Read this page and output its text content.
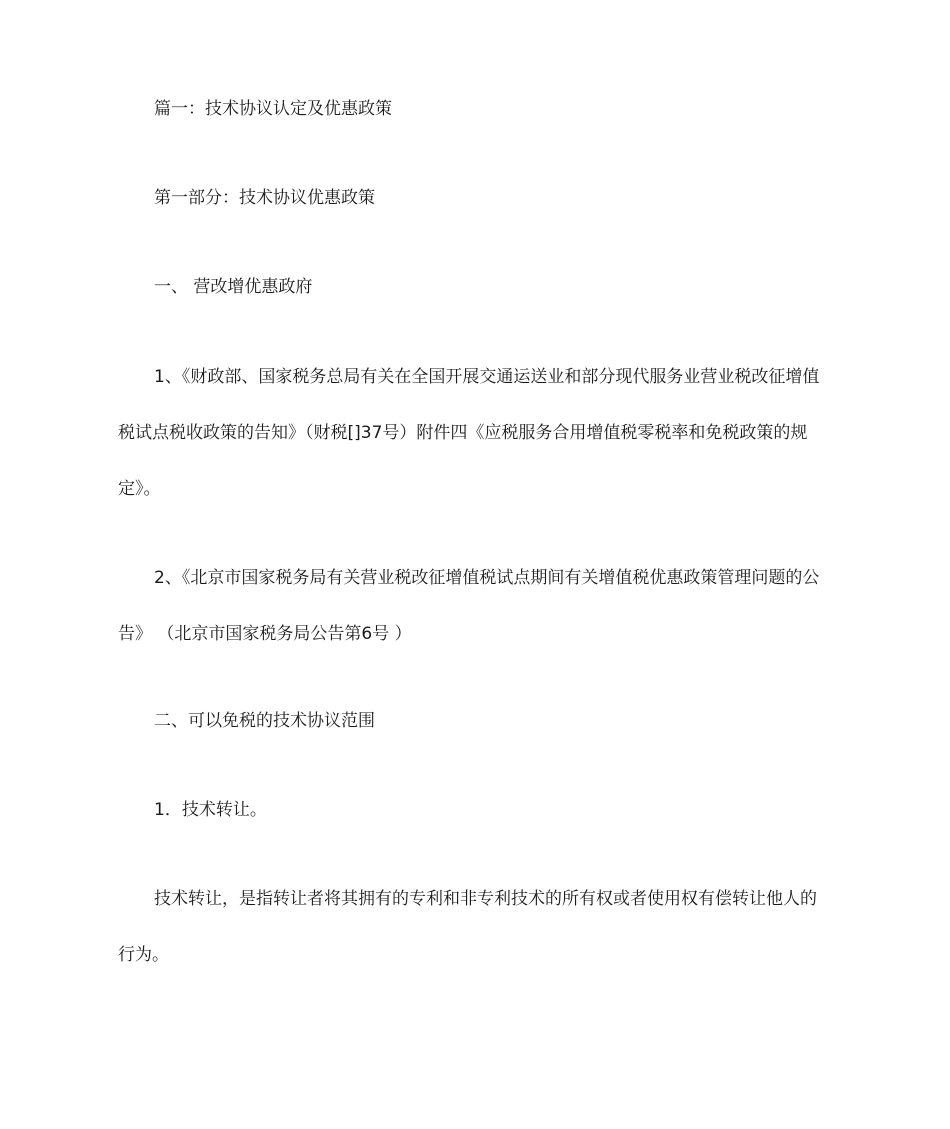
篇一：技术协议认定及优惠政策

第一部分：技术协议优惠政策

一、 营改增优惠政府

1、《财政部、国家税务总局有关在全国开展交通运送业和部分现代服务业营业税改征增值税试点税收政策的告知》（财税[]37号）附件四《应税服务合用增值税零税率和免税政策的规定》。

2、《北京市国家税务局有关营业税改征增值税试点期间有关增值税优惠政策管理问题的公告》 （北京市国家税务局公告第6号 ）

二、可以免税的技术协议范围

1．技术转让。

技术转让，是指转让者将其拥有的专利和非专利技术的所有权或者使用权有偿转让他人的行为。
